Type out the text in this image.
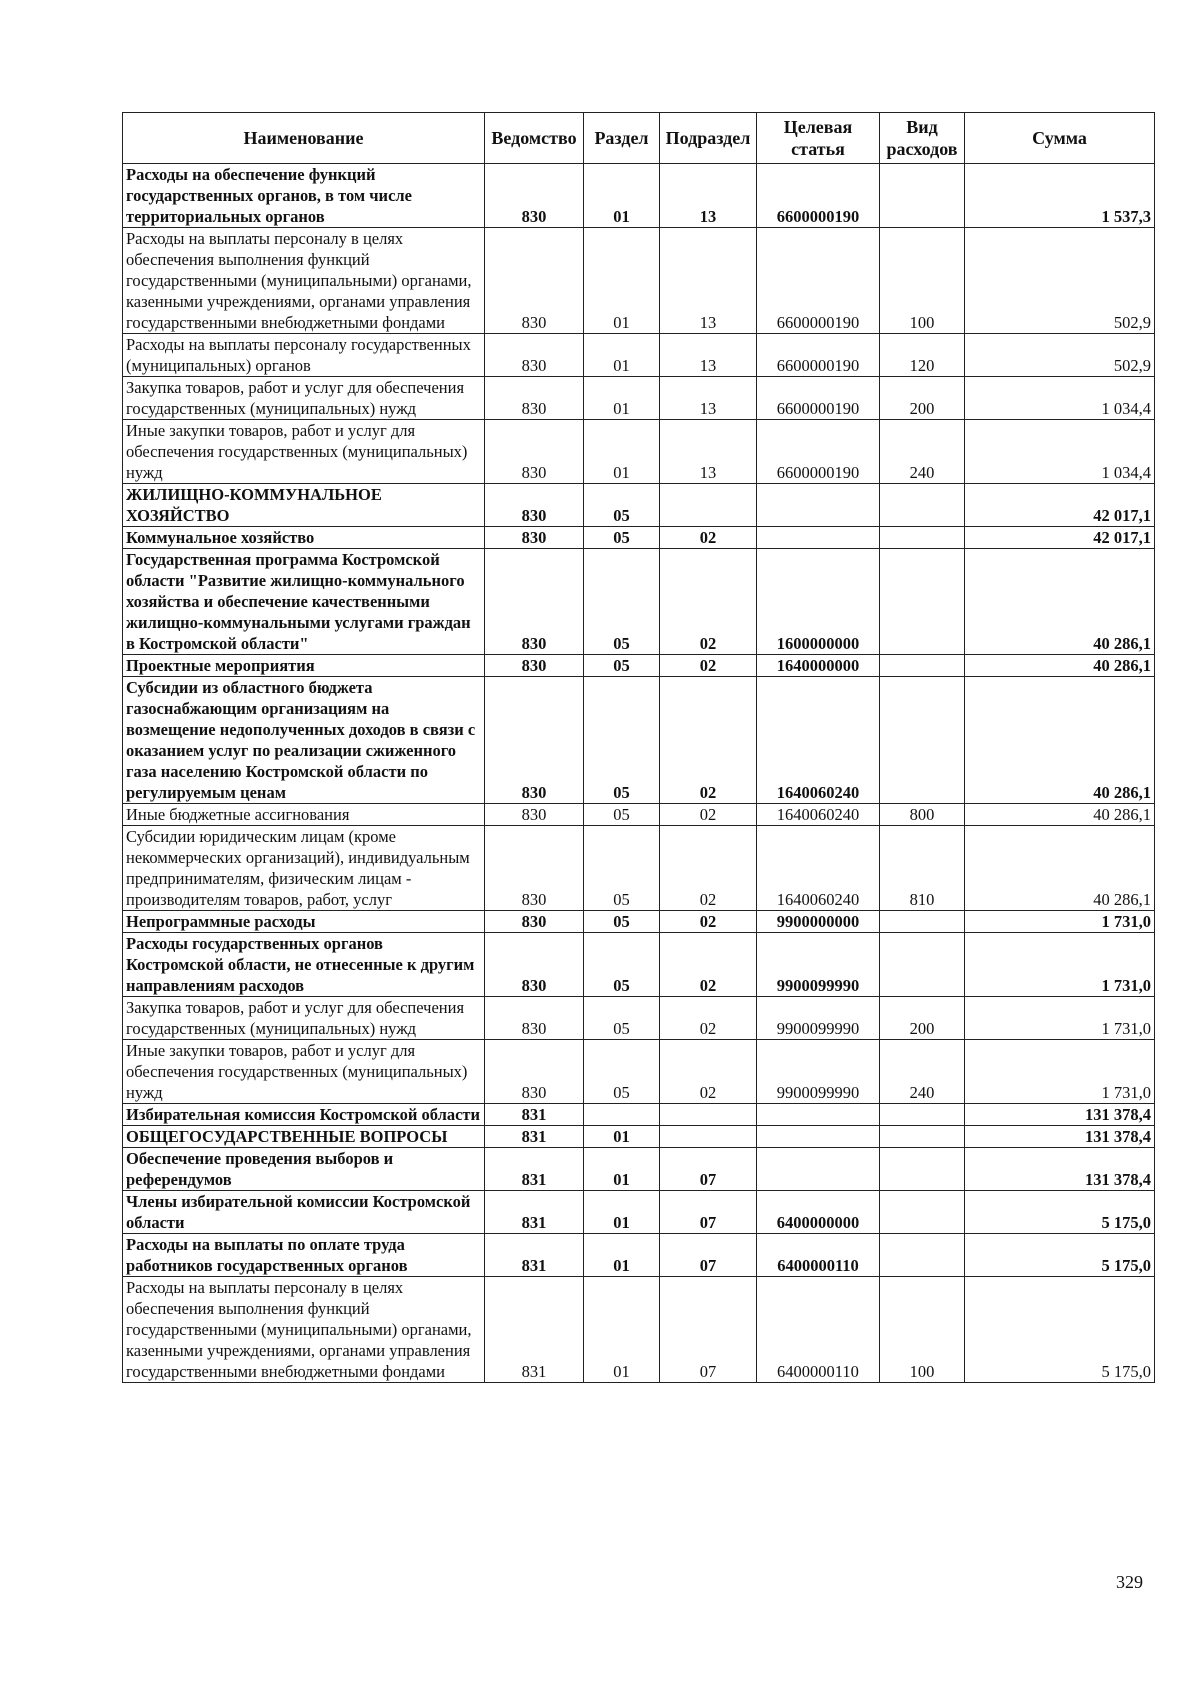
Наименование	Ведомство	Раздел	Подраздел	Целевая статья	Вид расходов	Сумма
Расходы на обеспечение функций государственных органов, в том числе территориальных органов	830	01	13	6600000190		1 537,3
Расходы на выплаты персоналу в целях обеспечения выполнения функций государственными (муниципальными) органами, казенными учреждениями, органами управления государственными внебюджетными фондами	830	01	13	6600000190	100	502,9
Расходы на выплаты персоналу государственных (муниципальных) органов	830	01	13	6600000190	120	502,9
Закупка товаров, работ и услуг для обеспечения государственных (муниципальных) нужд	830	01	13	6600000190	200	1 034,4
Иные закупки товаров, работ и услуг для обеспечения государственных (муниципальных) нужд	830	01	13	6600000190	240	1 034,4
ЖИЛИЩНО-КОММУНАЛЬНОЕ ХОЗЯЙСТВО	830	05				42 017,1
Коммунальное хозяйство	830	05	02			42 017,1
Государственная программа Костромской области "Развитие жилищно-коммунального хозяйства и обеспечение качественными жилищно-коммунальными услугами граждан в Костромской области"	830	05	02	1600000000		40 286,1
Проектные мероприятия	830	05	02	1640000000		40 286,1
Субсидии из областного бюджета газоснабжающим организациям на возмещение недополученных доходов в связи с оказанием услуг по реализации сжиженного газа населению Костромской области по регулируемым ценам	830	05	02	1640060240		40 286,1
Иные бюджетные ассигнования	830	05	02	1640060240	800	40 286,1
Субсидии юридическим лицам (кроме некоммерческих организаций), индивидуальным предпринимателям, физическим лицам - производителям товаров, работ, услуг	830	05	02	1640060240	810	40 286,1
Непрограммные расходы	830	05	02	9900000000		1 731,0
Расходы государственных органов Костромской области, не отнесенные к другим направлениям расходов	830	05	02	9900099990		1 731,0
Закупка товаров, работ и услуг для обеспечения государственных (муниципальных) нужд	830	05	02	9900099990	200	1 731,0
Иные закупки товаров, работ и услуг для обеспечения государственных (муниципальных) нужд	830	05	02	9900099990	240	1 731,0
Избирательная комиссия Костромской области	831					131 378,4
ОБЩЕГОСУДАРСТВЕННЫЕ ВОПРОСЫ	831	01				131 378,4
Обеспечение проведения выборов и референдумов	831	01	07			131 378,4
Члены избирательной комиссии Костромской области	831	01	07	6400000000		5 175,0
Расходы на выплаты по оплате труда работников государственных органов	831	01	07	6400000110		5 175,0
Расходы на выплаты персоналу в целях обеспечения выполнения функций государственными (муниципальными) органами, казенными учреждениями, органами управления государственными внебюджетными фондами	831	01	07	6400000110	100	5 175,0
329
